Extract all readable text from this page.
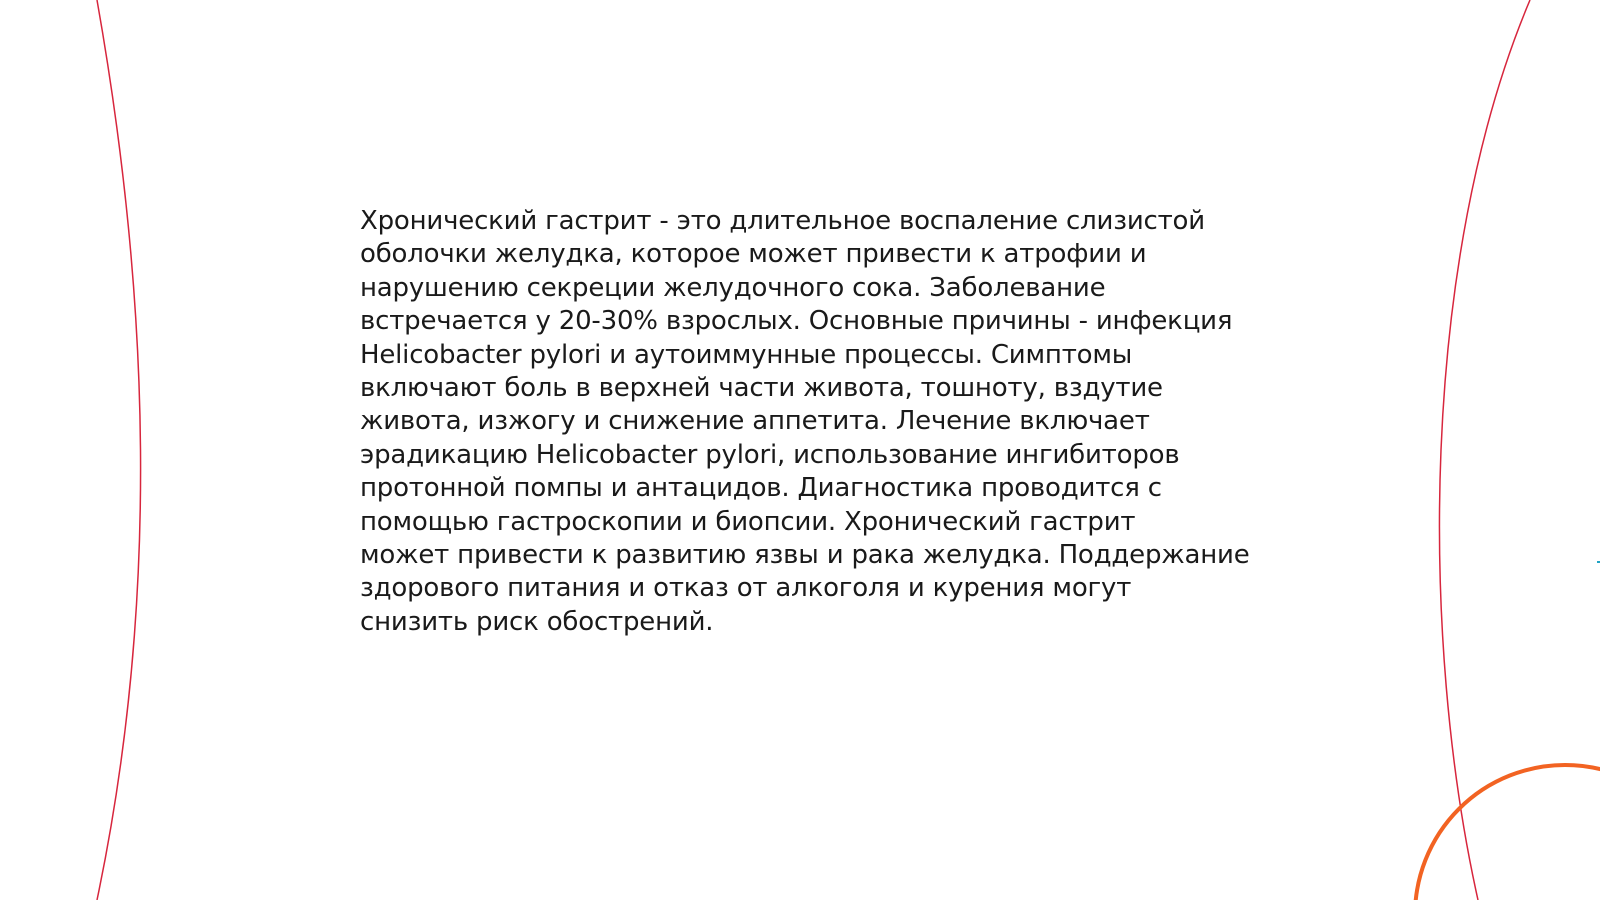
Хронический гастрит - это длительное воспаление слизистой
оболочки желудка, которое может привести к атрофии и
нарушению секреции желудочного сока. Заболевание
встречается у 20-30% взрослых. Основные причины - инфекция
Helicobacter pylori и аутоиммунные процессы. Симптомы
включают боль в верхней части живота, тошноту, вздутие
живота, изжогу и снижение аппетита. Лечение включает
эрадикацию Helicobacter pylori, использование ингибиторов
протонной помпы и антацидов. Диагностика проводится с
помощью гастроскопии и биопсии. Хронический гастрит
может привести к развитию язвы и рака желудка. Поддержание
здорового питания и отказ от алкоголя и курения могут
снизить риск обострений.
